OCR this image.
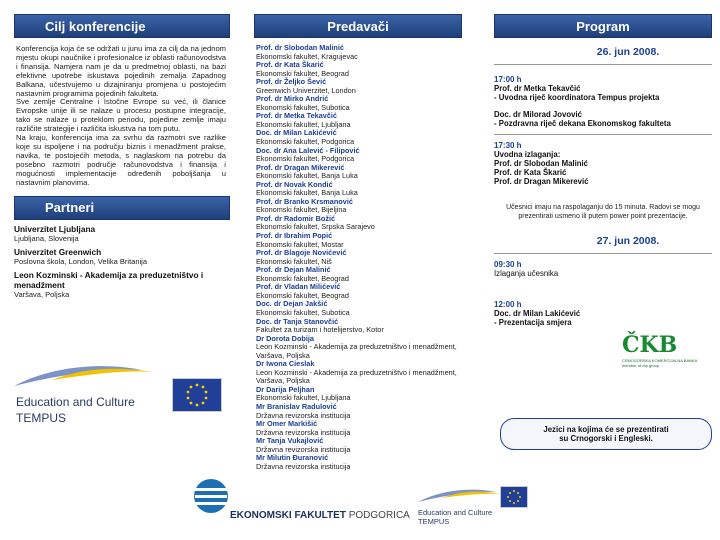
Cilj konferencije
Konferencija koja će se održati u junu ima za cilj da na jednom mjestu okupi naučnike i profesionalce iz oblasti računovodstva i finansija. Namjera nam je da u predmetnoj oblasti, na bazi efektivne upotrebe iskustava pojedinih zemalja Zapadnog Balkana, učestvujemo u dizajniranju promjena u postojećim nastavnim programima pojedinih fakulteta.
Sve zemlje Centralne i Istočne Evrope su već, ili članice Evropske unije ili se nalaze u procesu postupne integracije, tako se nalaze u proteklom periodu, pojedine zemlje imaju različite strategije i različita iskustva na tom putu.
Na kraju, konferencija ima za svrhu da razmotri sve razlike koje su ispoljene i na području biznis i menadžment prakse, navika, te postojećih metoda, s naglaskom na potrebu da posebno razmotri područje računovodstva i finansija i mogućnosti implementacije određenih poboljšanja u nastavnim planovima.
Partneri
Univerzitet Ljubljana
Ljubljana, Slovenija
Univerzitet Greenwich
Poslovna škola, London, Velika Britanija
Leon Kozminski - Akademija za preduzetništvo i menadžment
Varšava, Poljska
Education and Culture
TEMPUS
Predavači
Prof. dr Slobodan Malinić
Ekonomski fakultet, Kragujevac
Prof. dr Kata Škarić
Ekonomski fakultet, Beograd
Prof. dr Željko Šević
Greenwich Univerzitet, London
Prof. dr Mirko Andrić
Ekonomski fakultet, Subotica
Prof. dr Metka Tekavčić
Ekonomski fakultet, Ljubljana
Doc. dr Milan Lakićević
Ekonomski fakultet, Podgorica
Doc. dr Ana Lalević - Filipović
Ekonomski fakultet, Podgorica
Prof. dr Dragan Mikerević
Ekonomski fakultet, Banja Luka
Prof. dr Novak Kondić
Ekonomski fakultet, Banja Luka
Prof. dr Branko Krsmanović
Ekonomski fakultet, Bijeljina
Prof. dr Radomir Božić
Ekonomski fakultet, Srpska Sarajevo
Prof. dr Ibrahim Popić
Ekonomski fakultet, Mostar
Prof. dr Blagoje Novićević
Ekonomski fakultet, Niš
Prof. dr Dejan Malinić
Ekonomski fakultet, Beograd
Prof. dr Vladan Milićević
Ekonomski fakultet, Beograd
Doc. dr Dejan Jakšić
Ekonomski fakultet, Subotica
Doc. dr Tanja Stanovčić
Fakultet za turizam i hotelijerstvo, Kotor
Dr Dorota Dobija
Leon Kozminski - Akademija za preduzetništvo i menadžment, Varšava, Poljska
Dr Iwona Cieslak
Leon Kozminski - Akademija za preduzetništvo i menadžment, Varšava, Poljska
Dr Darija Peljhan
Ekonomski fakultet, Ljubljana
Mr Branislav Radulović
Državna revizorska institucija
Mr Omer Markišić
Državna revizorska institucija
Mr Tanja Vukajlović
Državna revizorska institucija
Mr Milutin Đuranović
Državna revizorska institucija
Program
26. jun 2008.
17:00 h
Prof. dr Metka Tekavčić
- Uvodna riječ koordinatora Tempus projekta
Doc. dr Milorad Jovović
- Pozdravna riječ dekana Ekonomskog fakulteta
17:30 h
Uvodna izlaganja:
Prof. dr Slobodan Malinić
Prof. dr Kata Škarić
Prof. dr Dragan Mikerević
Učesnici imaju na raspolaganju do 15 minuta. Radovi se mogu prezentirati usmeno ili putem power point prezentacije.
27. jun 2008.
09:30 h
Izlaganja učesnika
12:00 h
Doc. dr Milan Lakićević
- Prezentacija smjera
ČKB
CRNOGORSKA KOMERCIJALNA BANKA
member of otp group
Jezici na kojima će se prezentirati
su Crnogorski i Engleski.
EKONOMSKI FAKULTET PODGORICA Education and Culture
TEMPUS
